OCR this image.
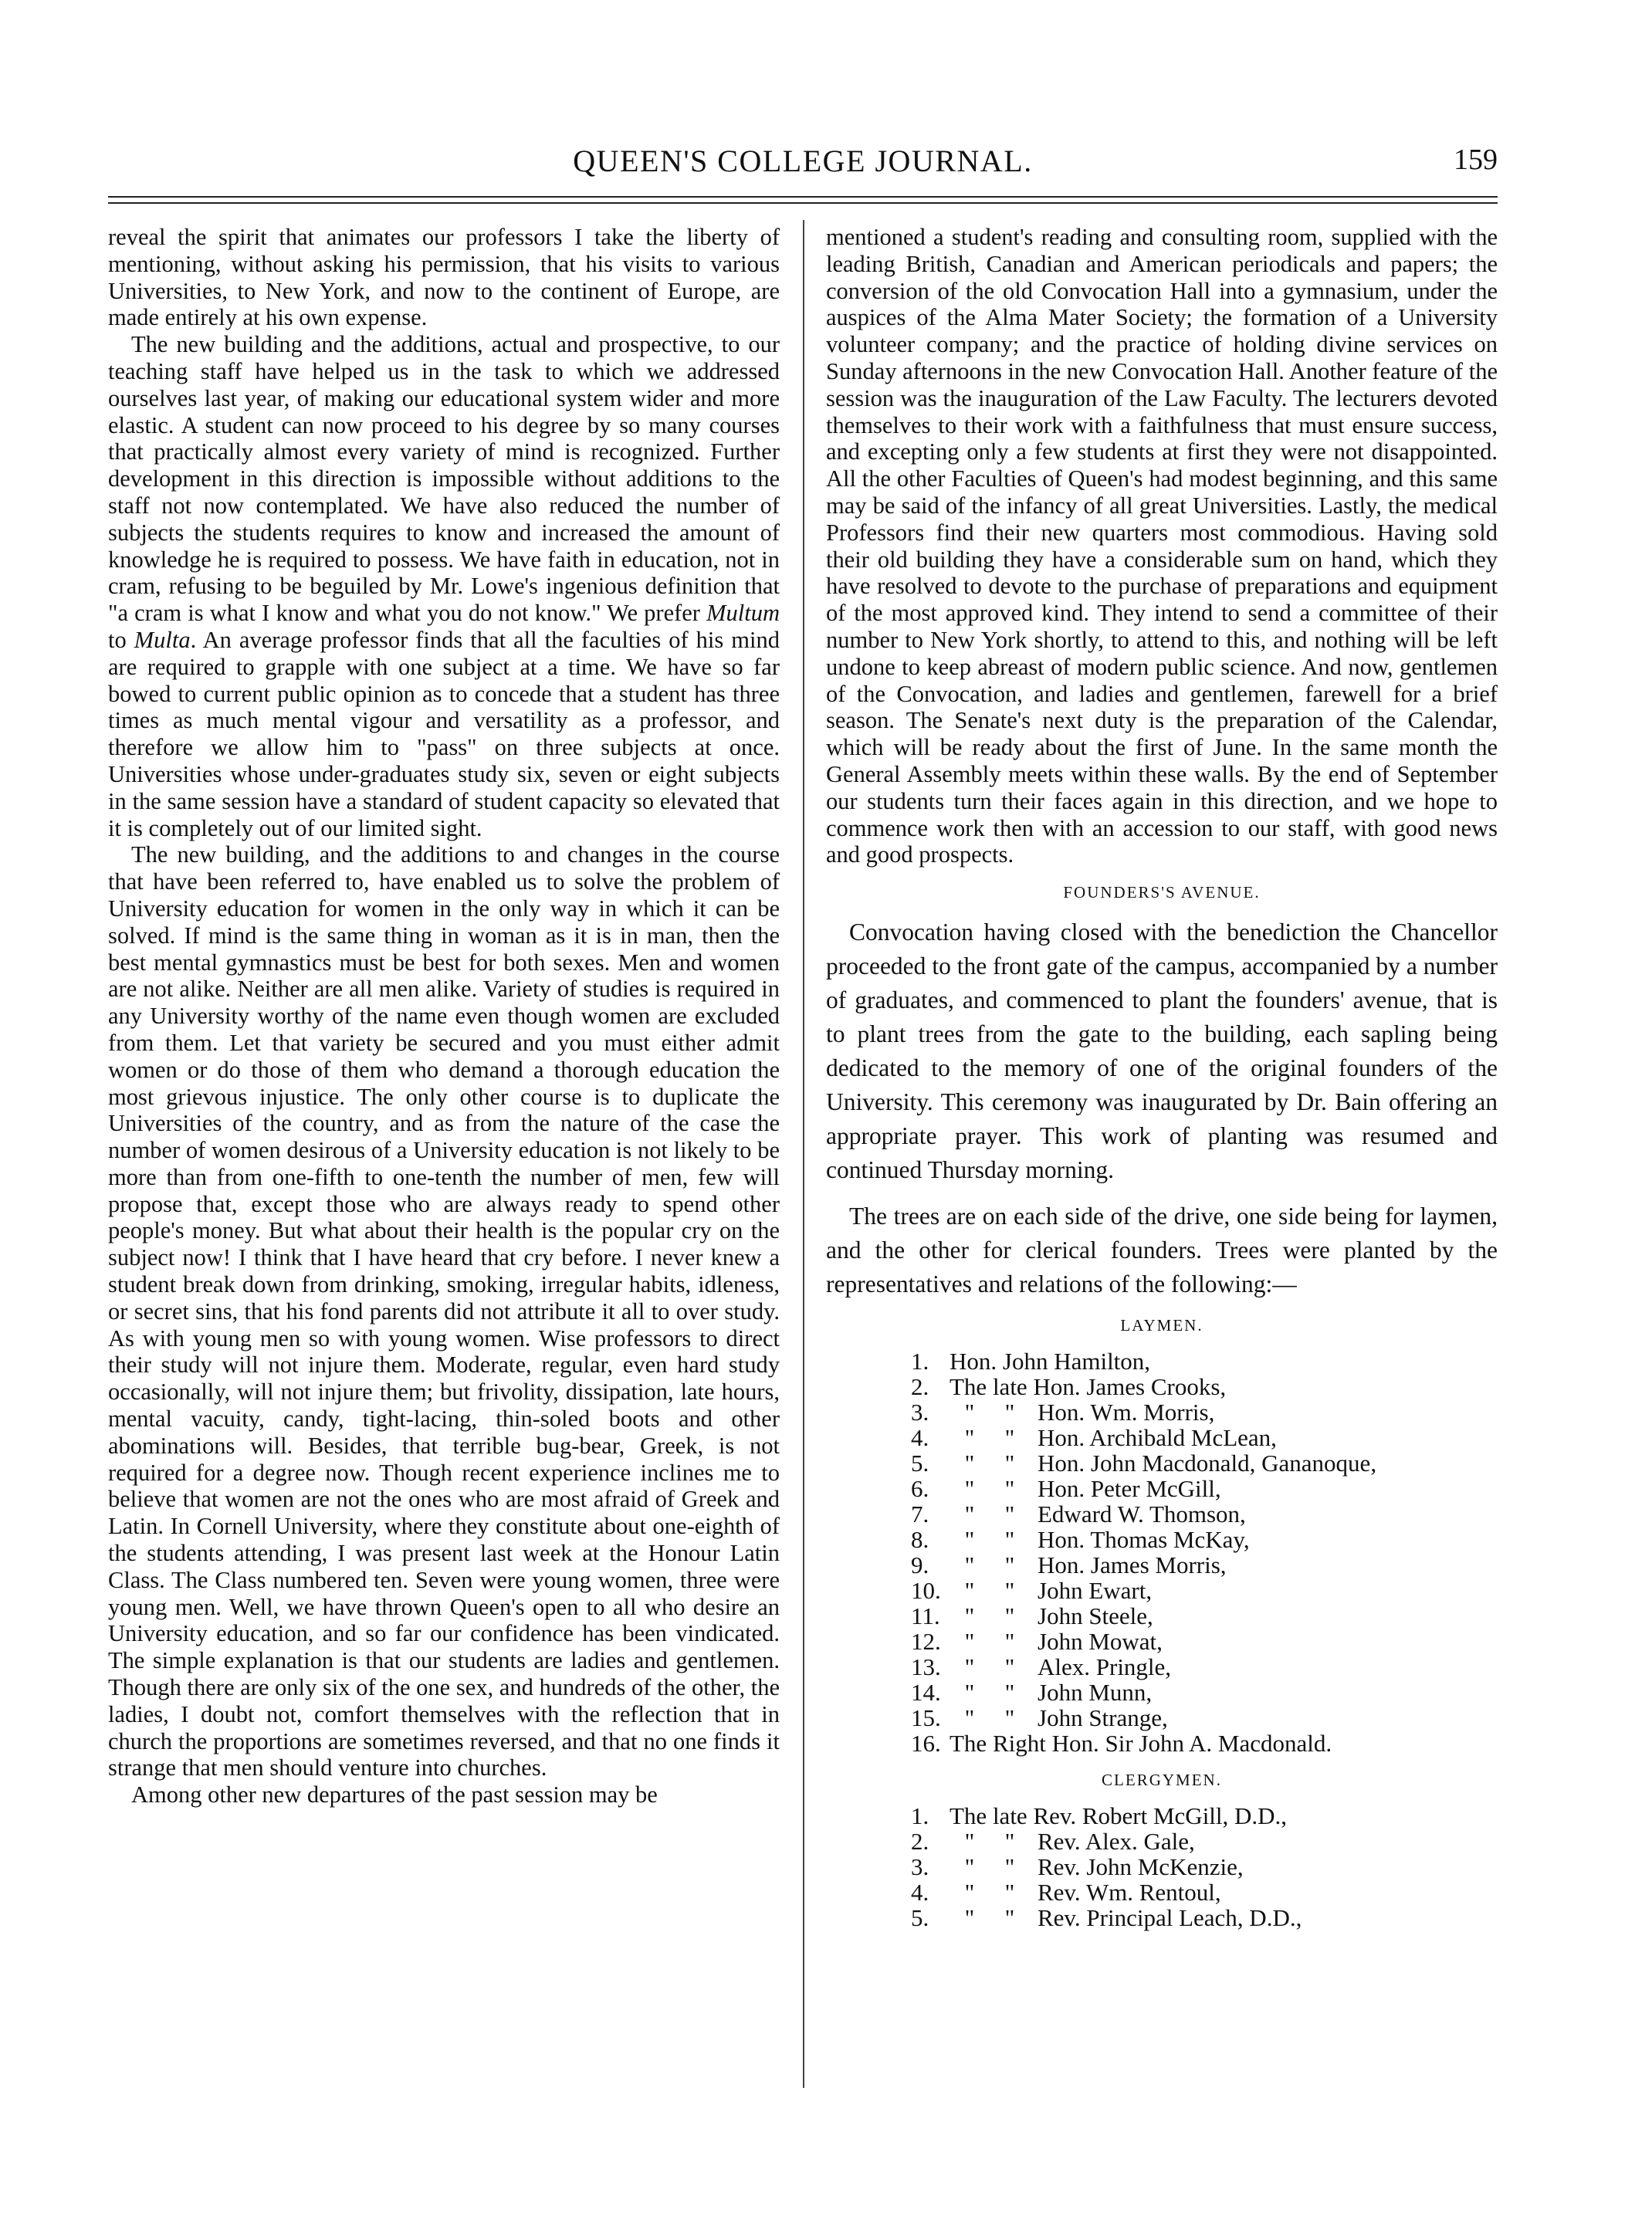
QUEEN'S COLLEGE JOURNAL.	159

reveal the spirit that animates our professors I take the liberty of mentioning, without asking his permission, that his visits to various Universities, to New York, and now to the continent of Europe, are made entirely at his own expense.

The new building and the additions, actual and prospective, to our teaching staff have helped us in the task to which we addressed ourselves last year, of making our educational system wider and more elastic. A student can now proceed to his degree by so many courses that practically almost every variety of mind is recognized. Further development in this direction is impossible without additions to the staff not now contemplated. We have also reduced the number of subjects the students requires to know and increased the amount of knowledge he is required to possess. We have faith in education, not in cram, refusing to be beguiled by Mr. Lowe's ingenious definition that "a cram is what I know and what you do not know." We prefer Multum to Multa. An average professor finds that all the faculties of his mind are required to grapple with one subject at a time. We have so far bowed to current public opinion as to concede that a student has three times as much mental vigour and versatility as a professor, and therefore we allow him to "pass" on three subjects at once. Universities whose under-graduates study six, seven or eight subjects in the same session have a standard of student capacity so elevated that it is completely out of our limited sight.

The new building, and the additions to and changes in the course that have been referred to, have enabled us to solve the problem of University education for women in the only way in which it can be solved. If mind is the same thing in woman as it is in man, then the best mental gymnastics must be best for both sexes. Men and women are not alike. Neither are all men alike. Variety of studies is required in any University worthy of the name even though women are excluded from them. Let that variety be secured and you must either admit women or do those of them who demand a thorough education the most grievous injustice. The only other course is to duplicate the Universities of the country, and as from the nature of the case the number of women desirous of a University education is not likely to be more than from one-fifth to one-tenth the number of men, few will propose that, except those who are always ready to spend other people's money. But what about their health is the popular cry on the subject now! I think that I have heard that cry before. I never knew a student break down from drinking, smoking, irregular habits, idleness, or secret sins, that his fond parents did not attribute it all to over study. As with young men so with young women. Wise professors to direct their study will not injure them. Moderate, regular, even hard study occasionally, will not injure them; but frivolity, dissipation, late hours, mental vacuity, candy, tight-lacing, thin-soled boots and other abominations will. Besides, that terrible bug-bear, Greek, is not required for a degree now. Though recent experience inclines me to believe that women are not the ones who are most afraid of Greek and Latin. In Cornell University, where they constitute about one-eighth of the students attending, I was present last week at the Honour Latin Class. The Class numbered ten. Seven were young women, three were young men. Well, we have thrown Queen's open to all who desire an University education, and so far our confidence has been vindicated. The simple explanation is that our students are ladies and gentlemen. Though there are only six of the one sex, and hundreds of the other, the ladies, I doubt not, comfort themselves with the reflection that in church the proportions are sometimes reversed, and that no one finds it strange that men should venture into churches.

Among other new departures of the past session may be

mentioned a student's reading and consulting room, supplied with the leading British, Canadian and American periodicals and papers; the conversion of the old Convocation Hall into a gymnasium, under the auspices of the Alma Mater Society; the formation of a University volunteer company; and the practice of holding divine services on Sunday afternoons in the new Convocation Hall. Another feature of the session was the inauguration of the Law Faculty. The lecturers devoted themselves to their work with a faithfulness that must ensure success, and excepting only a few students at first they were not disappointed. All the other Faculties of Queen's had modest beginning, and this same may be said of the infancy of all great Universities. Lastly, the medical Professors find their new quarters most commodious. Having sold their old building they have a considerable sum on hand, which they have resolved to devote to the purchase of preparations and equipment of the most approved kind. They intend to send a committee of their number to New York shortly, to attend to this, and nothing will be left undone to keep abreast of modern public science. And now, gentlemen of the Convocation, and ladies and gentlemen, farewell for a brief season. The Senate's next duty is the preparation of the Calendar, which will be ready about the first of June. In the same month the General Assembly meets within these walls. By the end of September our students turn their faces again in this direction, and we hope to commence work then with an accession to our staff, with good news and good prospects.

FOUNDERS'S AVENUE.

Convocation having closed with the benediction the Chancellor proceeded to the front gate of the campus, accompanied by a number of graduates, and commenced to plant the founders' avenue, that is to plant trees from the gate to the building, each sapling being dedicated to the memory of one of the original founders of the University. This ceremony was inaugurated by Dr. Bain offering an appropriate prayer. This work of planting was resumed and continued Thursday morning.

The trees are on each side of the drive, one side being for laymen, and the other for clerical founders. Trees were planted by the representatives and relations of the following:—

LAYMEN.
1. Hon. John Hamilton,
2. The late Hon. James Crooks,
3.	"	" Hon. Wm. Morris,
4.	"	" Hon. Archibald McLean,
5.	"	" Hon. John Macdonald, Gananoque,
6.	"	" Hon. Peter McGill,
7.	"	" Edward W. Thomson,
8.	"	" Hon. Thomas McKay,
9.	"	" Hon. James Morris,
10. "	" John Ewart,
11.	"	" John Steele,
12. "	" John Mowat,
13. "	" Alex. Pringle,
14. "	" John Munn,
15. "	" John Strange,
16. The Right Hon. Sir John A. Macdonald.
CLERGYMEN.
1. The late Rev. Robert McGill, D.D.,
2.	"	" Rev. Alex. Gale,
3.	"	" Rev. John McKenzie,
4.	"	" Rev. Wm. Rentoul,
5.	"	" Rev. Principal Leach, D.D.,
